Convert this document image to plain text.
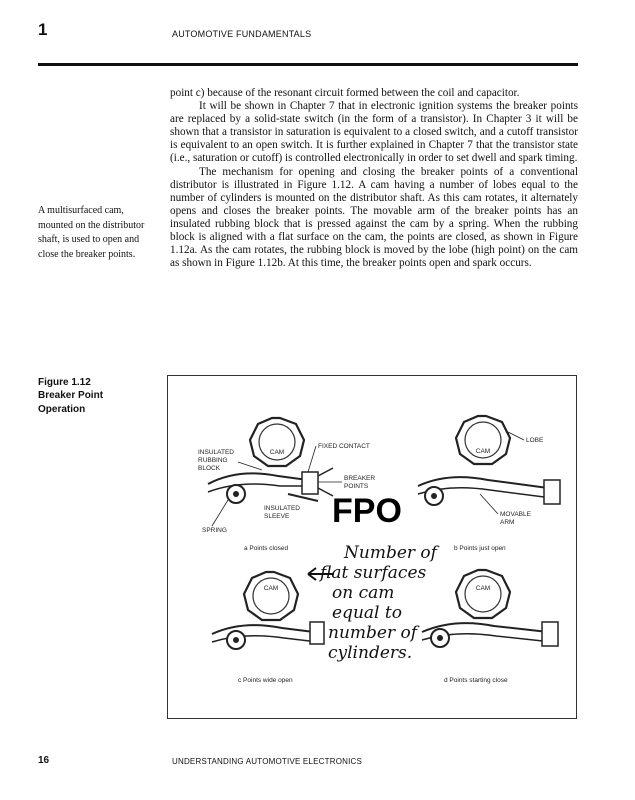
1	AUTOMOTIVE FUNDAMENTALS

point c) because of the resonant circuit formed between the coil and capacitor.

It will be shown in Chapter 7 that in electronic ignition systems the breaker points are replaced by a solid-state switch (in the form of a transistor). In Chapter 3 it will be shown that a transistor in saturation is equivalent to a closed switch, and a cutoff transistor is equivalent to an open switch. It is further explained in Chapter 7 that the transistor state (i.e., saturation or cutoff) is controlled electronically in order to set dwell and spark timing.

The mechanism for opening and closing the breaker points of a conventional distributor is illustrated in Figure 1.12. A cam having a number of lobes equal to the number of cylinders is mounted on the distributor shaft. As this cam rotates, it alternately opens and closes the breaker points. The movable arm of the breaker points has an insulated rubbing block that is pressed against the cam by a spring. When the rubbing block is aligned with a flat surface on the cam, the points are closed, as shown in Figure 1.12a. As the cam rotates, the rubbing block is moved by the lobe (high point) on the cam as shown in Figure 1.12b. At this time, the breaker points open and spark occurs.

A multisurfaced cam, mounted on the distributor shaft, is used to open and close the breaker points.
Figure 1.12
Breaker Point
Operation
CAM
INSULATED
RUBBING
BLOCK
FIXED CONTACT
BREAKER
POINTS
INSULATED
SLEEVE
SPRING
a Points closed
CAM
LOBE
MOVABLE
ARM
b Points just open
CAM
c Points wide open
CAM
d Points starting close
FPO
Number of
flat surfaces
on cam
equal to
number of
cylinders.
16	UNDERSTANDING AUTOMOTIVE ELECTRONICS
